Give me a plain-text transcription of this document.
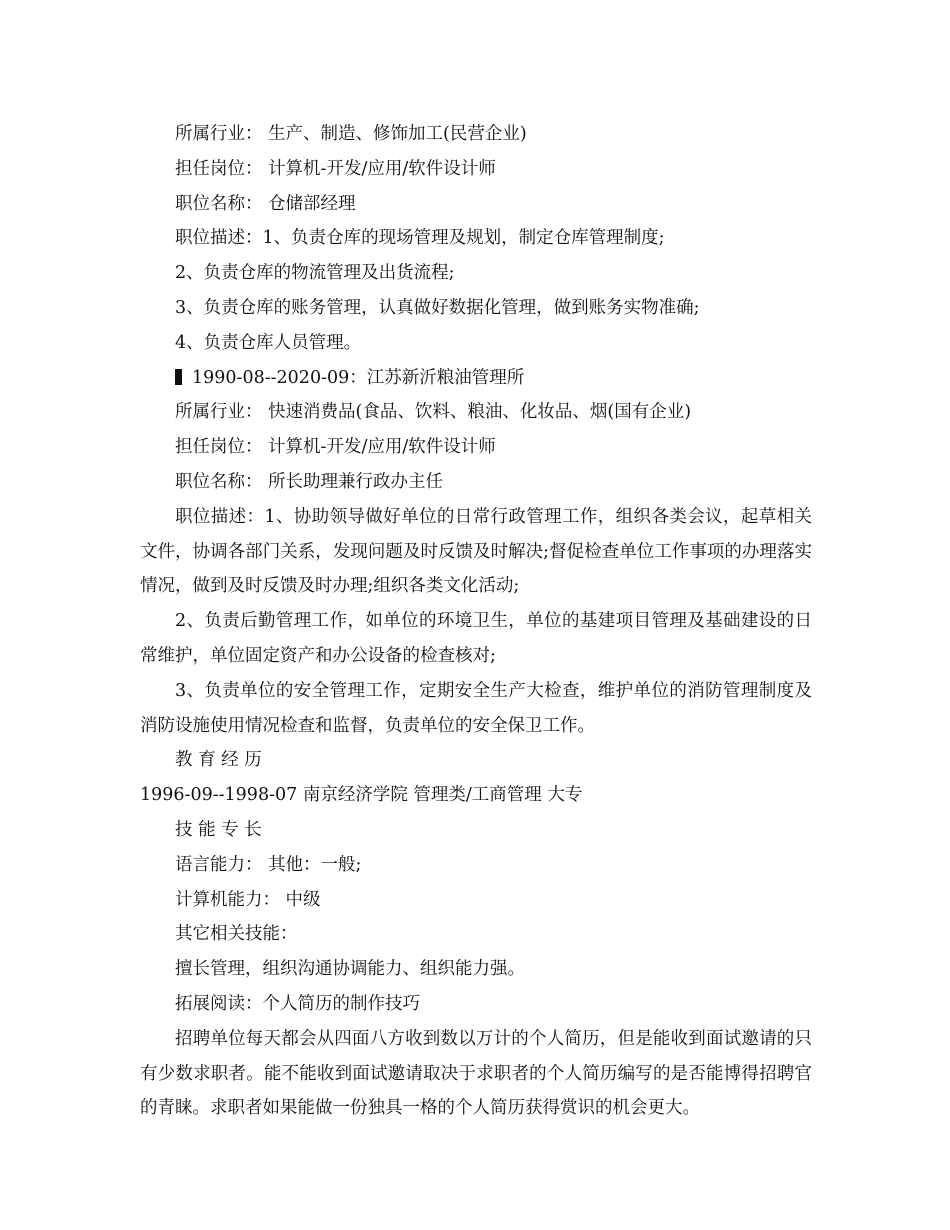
所属行业： 生产、制造、修饰加工(民营企业)
担任岗位： 计算机-开发/应用/软件设计师
职位名称： 仓储部经理
职位描述：1、负责仓库的现场管理及规划，制定仓库管理制度;
2、负责仓库的物流管理及出货流程;
3、负责仓库的账务管理，认真做好数据化管理，做到账务实物准确;
4、负责仓库人员管理。
1990-08--2020-09：江苏新沂粮油管理所
所属行业： 快速消费品(食品、饮料、粮油、化妆品、烟(国有企业)
担任岗位： 计算机-开发/应用/软件设计师
职位名称： 所长助理兼行政办主任

职位描述：1、协助领导做好单位的日常行政管理工作，组织各类会议，起草相关文件，协调各部门关系，发现问题及时反馈及时解决;督促检查单位工作事项的办理落实情况，做到及时反馈及时办理;组织各类文化活动;

2、负责后勤管理工作，如单位的环境卫生，单位的基建项目管理及基础建设的日常维护，单位固定资产和办公设备的检查核对;

3、负责单位的安全管理工作，定期安全生产大检查，维护单位的消防管理制度及消防设施使用情况检查和监督，负责单位的安全保卫工作。

教 育 经 历
1996-09--1998-07 南京经济学院 管理类/工商管理 大专
技 能 专 长
语言能力： 其他：一般;
计算机能力： 中级
其它相关技能：
擅长管理，组织沟通协调能力、组织能力强。
拓展阅读：个人简历的制作技巧

招聘单位每天都会从四面八方收到数以万计的个人简历，但是能收到面试邀请的只有少数求职者。能不能收到面试邀请取决于求职者的个人简历编写的是否能博得招聘官的青睐。求职者如果能做一份独具一格的个人简历获得赏识的机会更大。
